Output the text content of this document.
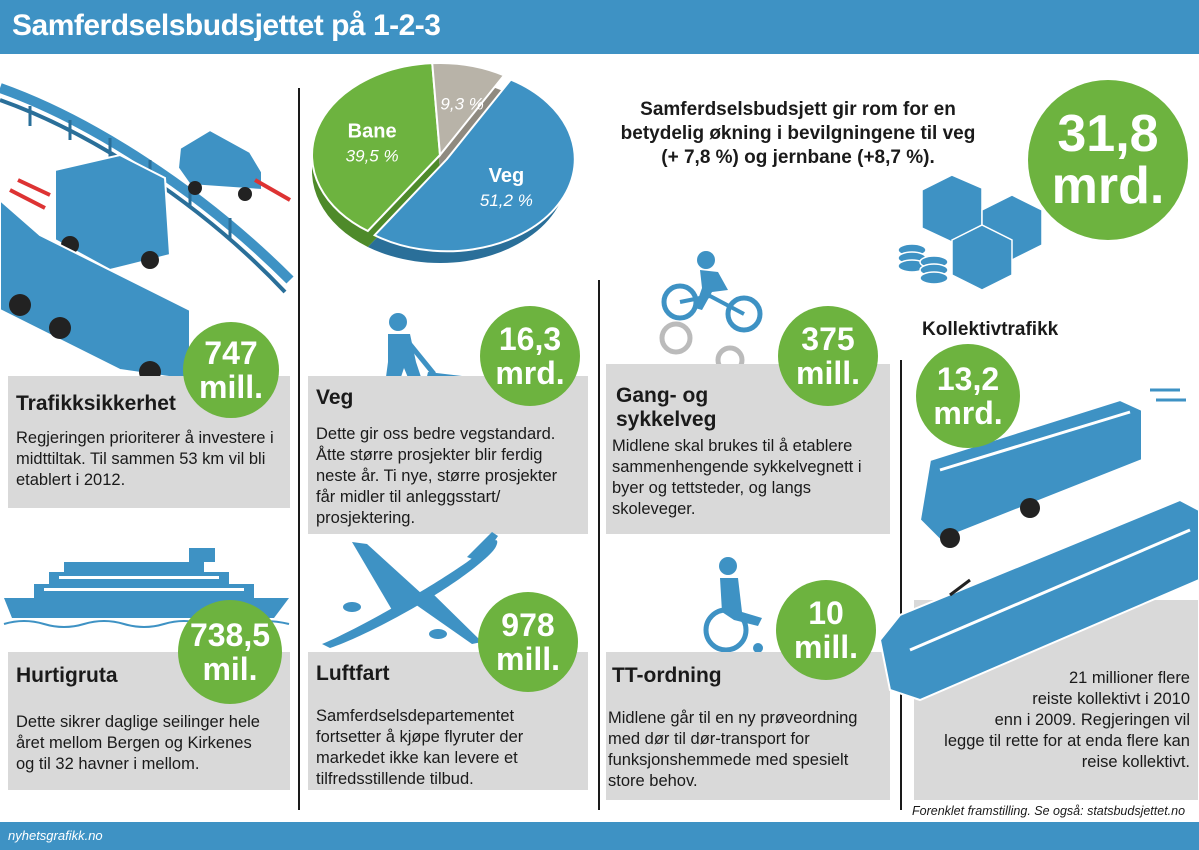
Samferdselsbudsjettet på 1-2-3
Trafikksikkerhet
Regjeringen prioriterer å investere i
midttiltak. Til sammen 53 km vil bli
etablert i 2012.
747
mill.
Hurtigruta
Dette sikrer daglige seilinger hele
året mellom Bergen og Kirkenes
og til 32 havner i mellom.
738,5
mil.
Veg
51,2 %
Bane
39,5 %
9,3 %
Veg
Dette gir oss bedre vegstandard.
Åtte større prosjekter blir ferdig
neste år. Ti nye, større prosjekter
får midler til anleggsstart/
prosjektering.
16,3
mrd.
Luftfart
Samferdselsdepartementet
fortsetter å kjøpe flyruter der
markedet ikke kan levere et
tilfredsstillende tilbud.
978
mill.
Samferdselsbudsjett gir rom for en
betydelig økning i bevilgningene til veg
(+ 7,8 %) og jernbane (+8,7 %).	31,8
mrd.
Gang- og
sykkelveg
Midlene skal brukes til å etablere
sammenhengende sykkelvegnett i
byer og tettsteder, og langs
skoleveger.
375
mill.
TT-ordning
Midlene går til en ny prøveordning
med dør til dør-transport for
funksjonshemmede med spesielt
store behov.
10
mill.
Kollektivtrafikk
21 millioner flere
reiste kollektivt i 2010
enn i 2009. Regjeringen vil
legge til rette for at enda flere kan
reise kollektivt.
13,2
mrd.
Forenklet framstilling. Se også: statsbudsjettet.no
nyhetsgrafikk.no
